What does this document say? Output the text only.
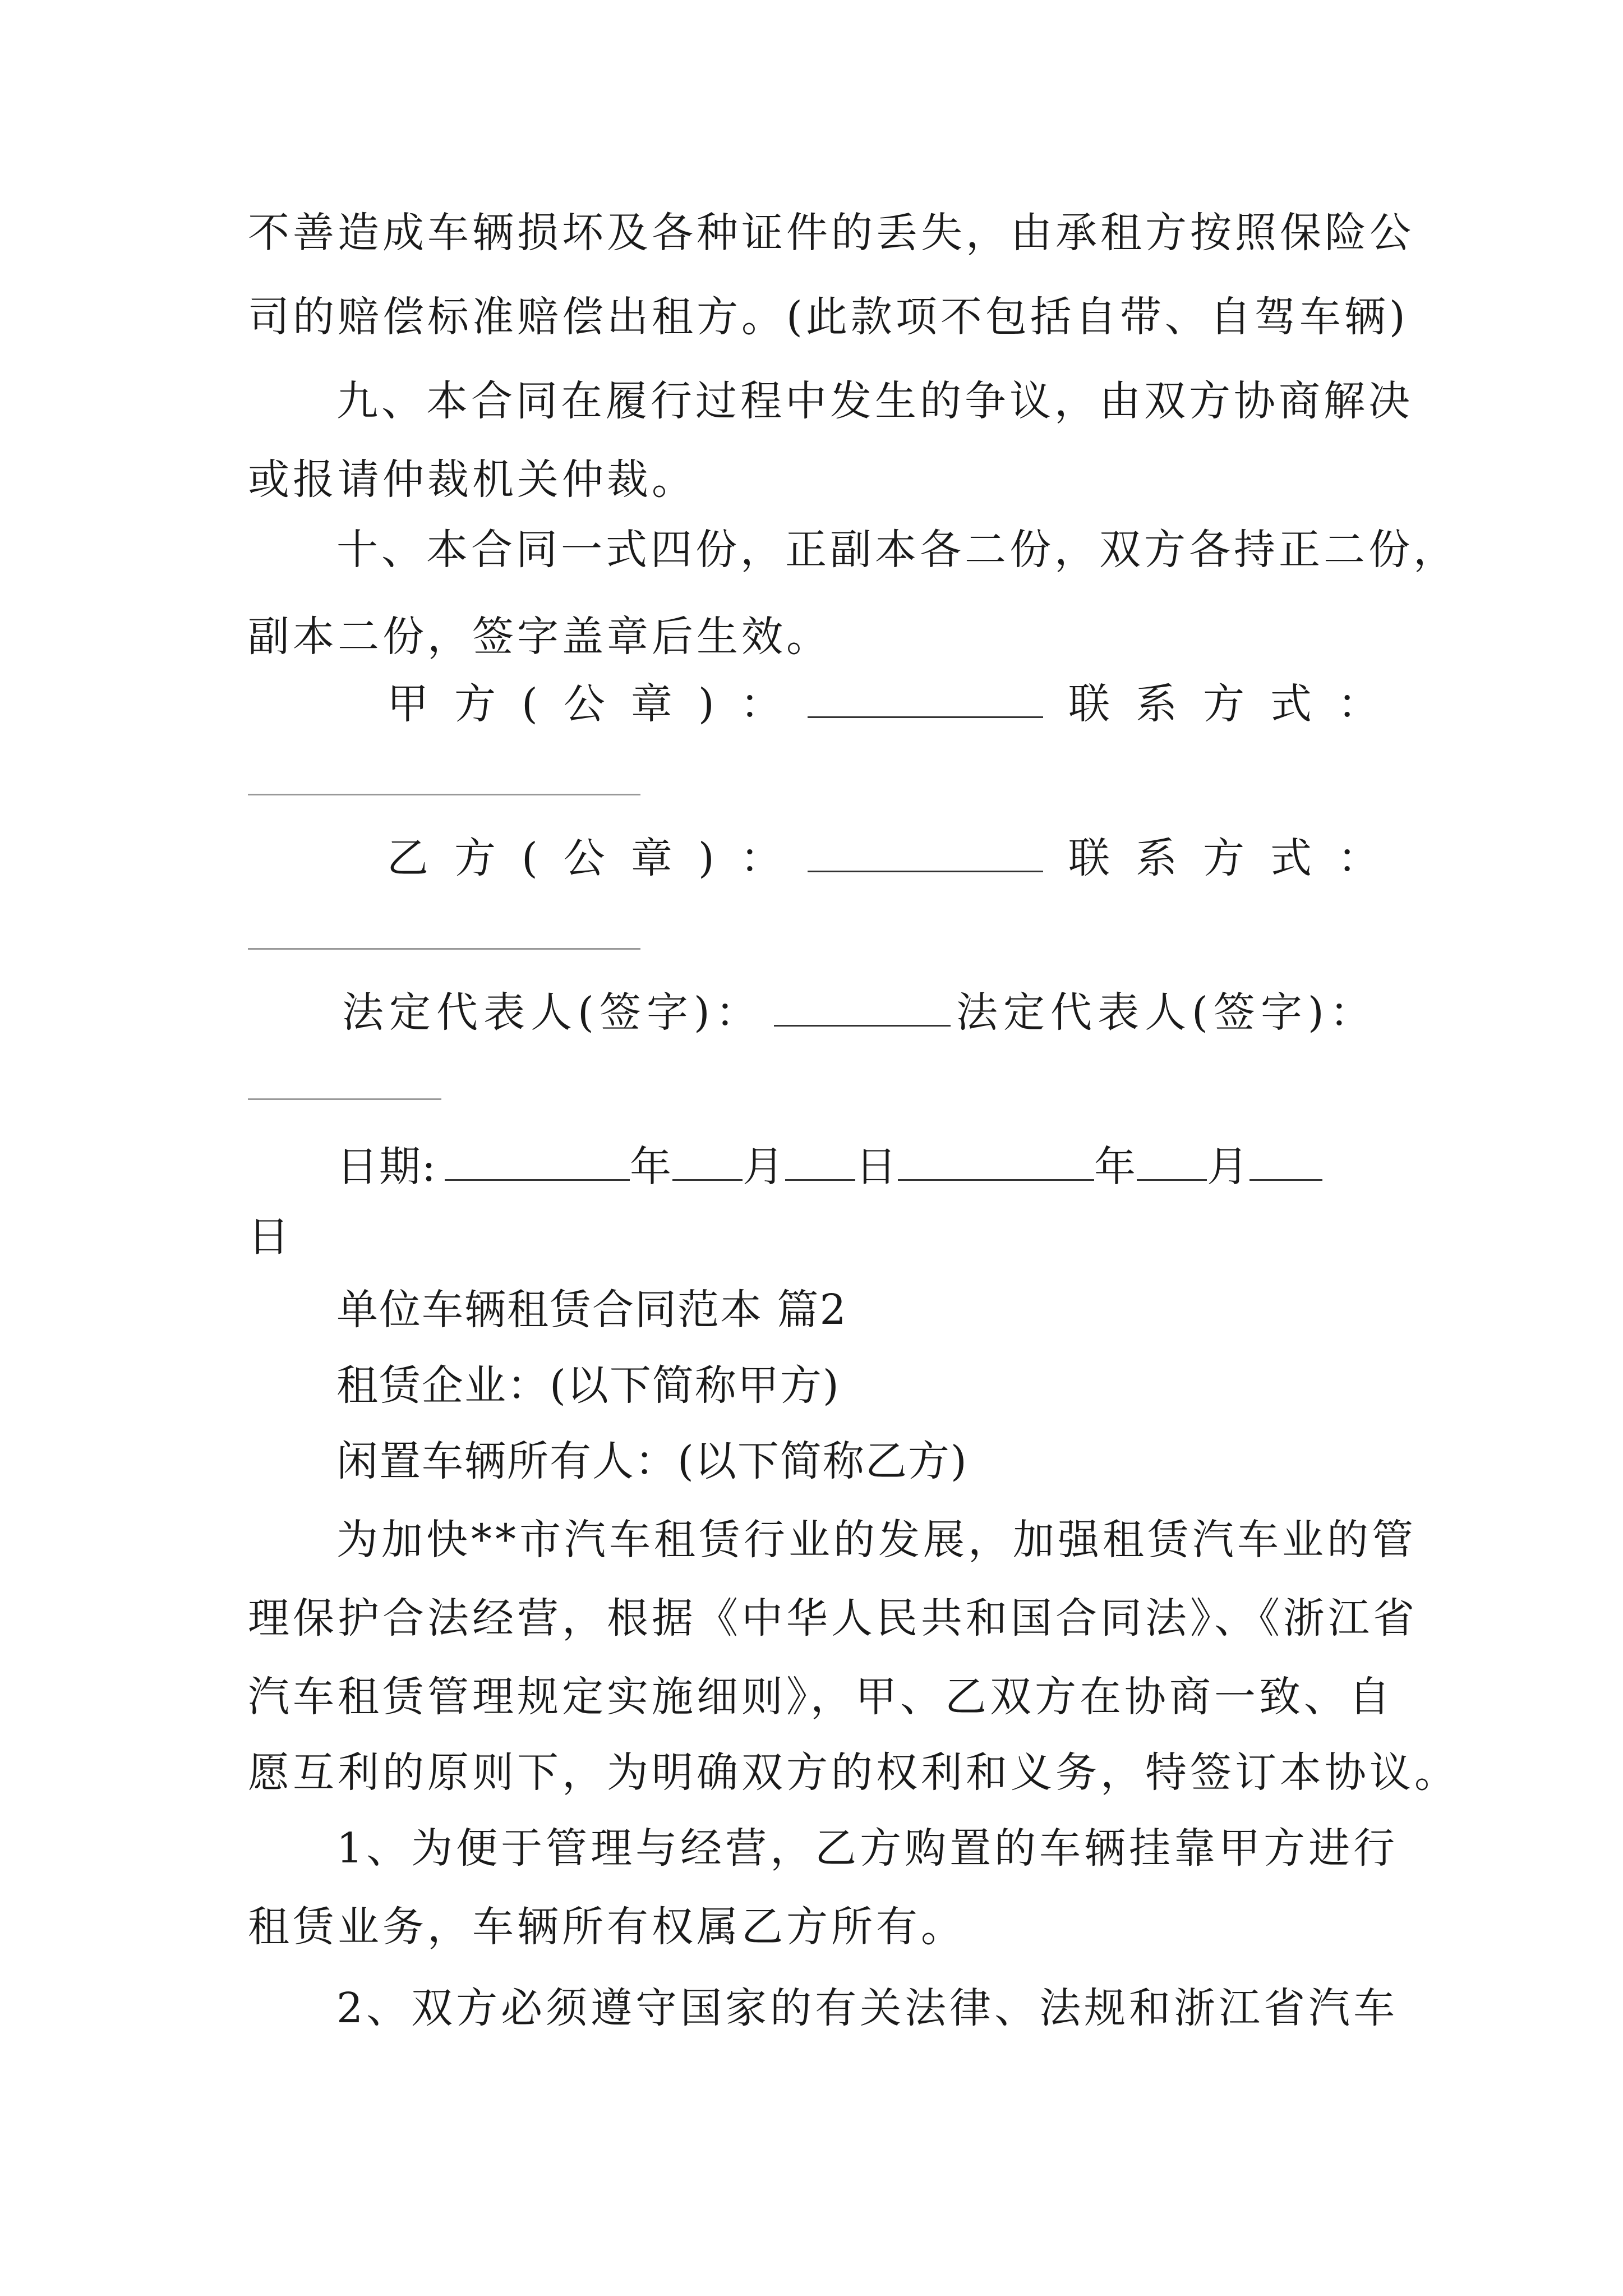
不善造成车辆损坏及各种证件的丢失，由承租方按照保险公
司的赔偿标准赔偿出租方。(此款项不包括自带、自驾车辆)
九、本合同在履行过程中发生的争议，由双方协商解决
或报请仲裁机关仲裁。
十、本合同一式四份，正副本各二份，双方各持正二份，
副本二份，签字盖章后生效。
甲方(公章)：	联系方式：
乙方(公章)：	联系方式：
法定代表人(签字)：	法定代表人(签字)：
日期:	年 月 日	年 月
日
单位车辆租赁合同范本 篇2
租赁企业：(以下简称甲方)
闲置车辆所有人：(以下简称乙方)
为加快**市汽车租赁行业的发展，加强租赁汽车业的管
理保护合法经营，根据《中华人民共和国合同法》、《浙江省
汽车租赁管理规定实施细则》，甲、乙双方在协商一致、自
愿互利的原则下，为明确双方的权利和义务，特签订本协议。
1、为便于管理与经营，乙方购置的车辆挂靠甲方进行
租赁业务，车辆所有权属乙方所有。
2、双方必须遵守国家的有关法律、法规和浙江省汽车
